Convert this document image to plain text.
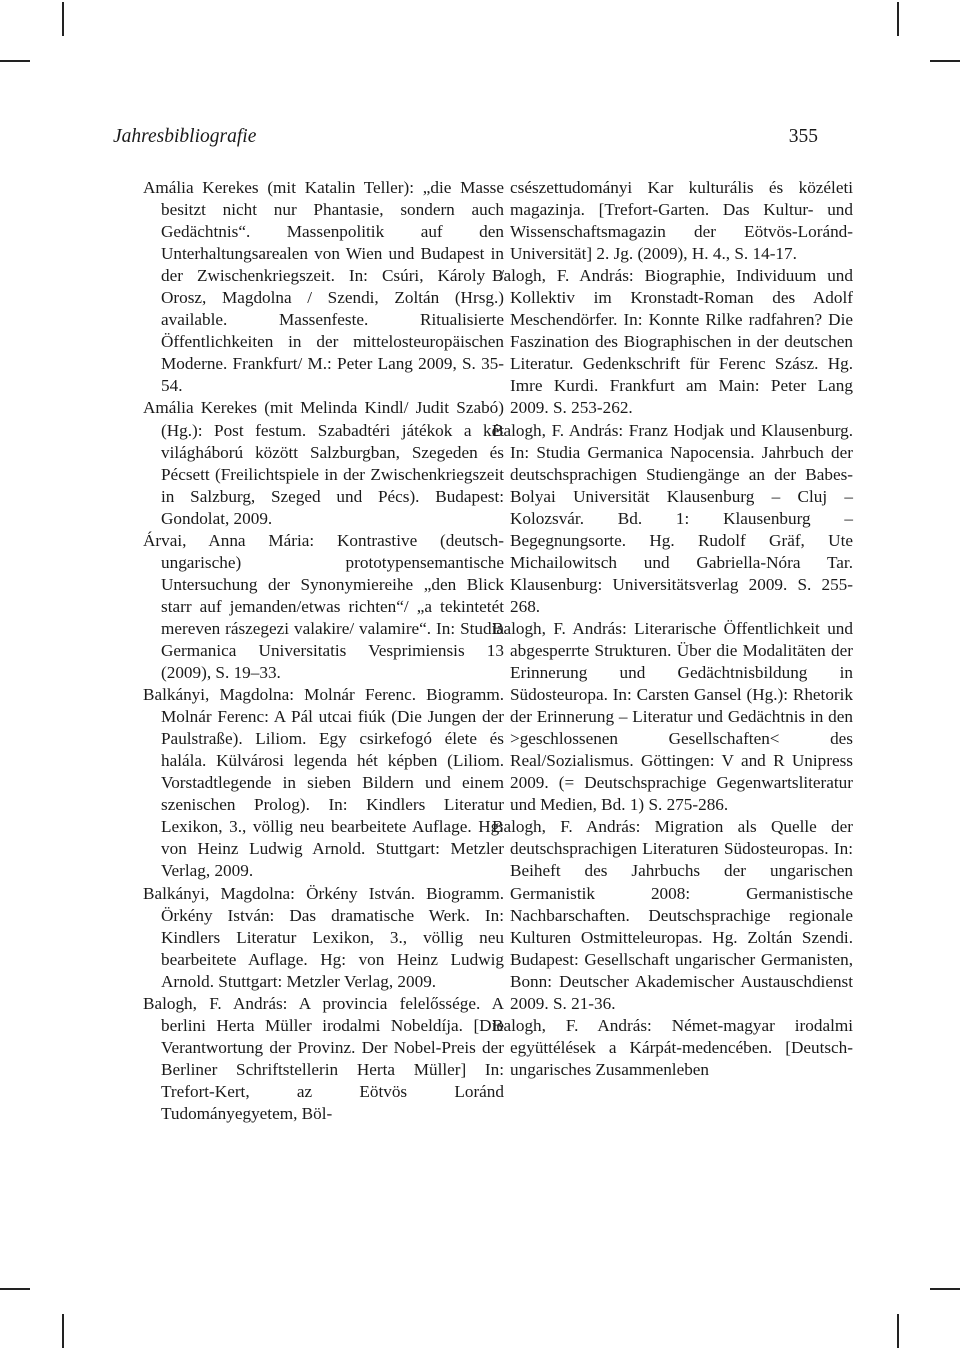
Jahresbibliografie	355

Amália Kerekes (mit Katalin Teller): „die Masse besitzt nicht nur Phantasie, sondern auch Gedächtnis“. Massenpolitik auf den Unterhaltungsarealen von Wien und Budapest in der Zwischenkriegszeit. In: Csúri, Károly / Orosz, Magdolna / Szendi, Zoltán (Hrsg.) available. Massenfeste. Ritualisierte Öffentlichkeiten in der mittelosteuropäischen Moderne. Frankfurt/ M.: Peter Lang 2009, S. 35-54.

Amália Kerekes (mit Melinda Kindl/ Judit Szabó) (Hg.): Post festum. Szabadtéri játékok a két világháború között Salzburgban, Szegeden és Pécsett (Freilichtspiele in der Zwischenkriegszeit in Salzburg, Szeged und Pécs). Budapest: Gondolat, 2009.

Árvai, Anna Mária: Kontrastive (deutsch-ungarische) prototypensemantische Untersuchung der Synonymiereihe „den Blick starr auf jemanden/etwas richten“/ „a tekintetét mereven rászegezi valakire/ valamire“. In: Studia Germanica Universitatis Vesprimiensis 13 (2009), S. 19–33.

Balkányi, Magdolna: Molnár Ferenc. Biogramm. Molnár Ferenc: A Pál utcai fiúk (Die Jungen der Paulstraße). Liliom. Egy csirkefogó élete és halála. Külvárosi legenda hét képben (Liliom. Vorstadtlegende in sieben Bildern und einem szenischen Prolog). In: Kindlers Literatur Lexikon, 3., völlig neu bearbeitete Auflage. Hg: von Heinz Ludwig Arnold. Stuttgart: Metzler Verlag, 2009.

Balkányi, Magdolna: Örkény István. Biogramm. Örkény István: Das dramatische Werk. In: Kindlers Literatur Lexikon, 3., völlig neu bearbeitete Auflage. Hg: von Heinz Ludwig Arnold. Stuttgart: Metzler Verlag, 2009.

Balogh, F. András: A provincia felelőssége. A berlini Herta Müller irodalmi Nobeldíja. [Die Verantwortung der Provinz. Der Nobel-Preis der Berliner Schriftstellerin Herta Müller] In: Trefort-Kert, az Eötvös Loránd Tudományegyetem, Böl-

csészettudományi Kar kulturális és közéleti magazinja. [Trefort-Garten. Das Kultur- und Wissenschaftsmagazin der Eötvös-Loránd-Universität] 2. Jg. (2009), H. 4., S. 14-17.

Balogh, F. András: Biographie, Individuum und Kollektiv im Kronstadt-Roman des Adolf Meschendörfer. In: Konnte Rilke radfahren? Die Faszination des Biographischen in der deutschen Literatur. Gedenkschrift für Ferenc Szász. Hg. Imre Kurdi. Frankfurt am Main: Peter Lang 2009. S. 253-262.

Balogh, F. András: Franz Hodjak und Klausenburg. In: Studia Germanica Napocensia. Jahrbuch der deutschsprachigen Studiengänge an der Babes-Bolyai Universität Klausenburg – Cluj – Kolozsvár. Bd. 1: Klausenburg – Begegnungsorte. Hg. Rudolf Gräf, Ute Michailowitsch und Gabriella-Nóra Tar. Klausenburg: Universitätsverlag 2009. S. 255-268.

Balogh, F. András: Literarische Öffentlichkeit und abgesperrte Strukturen. Über die Modalitäten der Erinnerung und Gedächtnisbildung in Südosteuropa. In: Carsten Gansel (Hg.): Rhetorik der Erinnerung – Literatur und Gedächtnis in den >geschlossenen Gesellschaften< des Real/Sozialismus. Göttingen: V and R Unipress 2009. (= Deutschsprachige Gegenwartsliteratur und Medien, Bd. 1) S. 275-286.

Balogh, F. András: Migration als Quelle der deutschsprachigen Literaturen Südosteuropas. In: Beiheft des Jahrbuchs der ungarischen Germanistik 2008: Germanistische Nachbarschaften. Deutschsprachige regionale Kulturen Ostmitteleuropas. Hg. Zoltán Szendi. Budapest: Gesellschaft ungarischer Germanisten, Bonn: Deutscher Akademischer Austauschdienst 2009. S. 21-36.

Balogh, F. András: Német-magyar irodalmi együttélések a Kárpát-medencében. [Deutsch-ungarisches Zusammenleben
